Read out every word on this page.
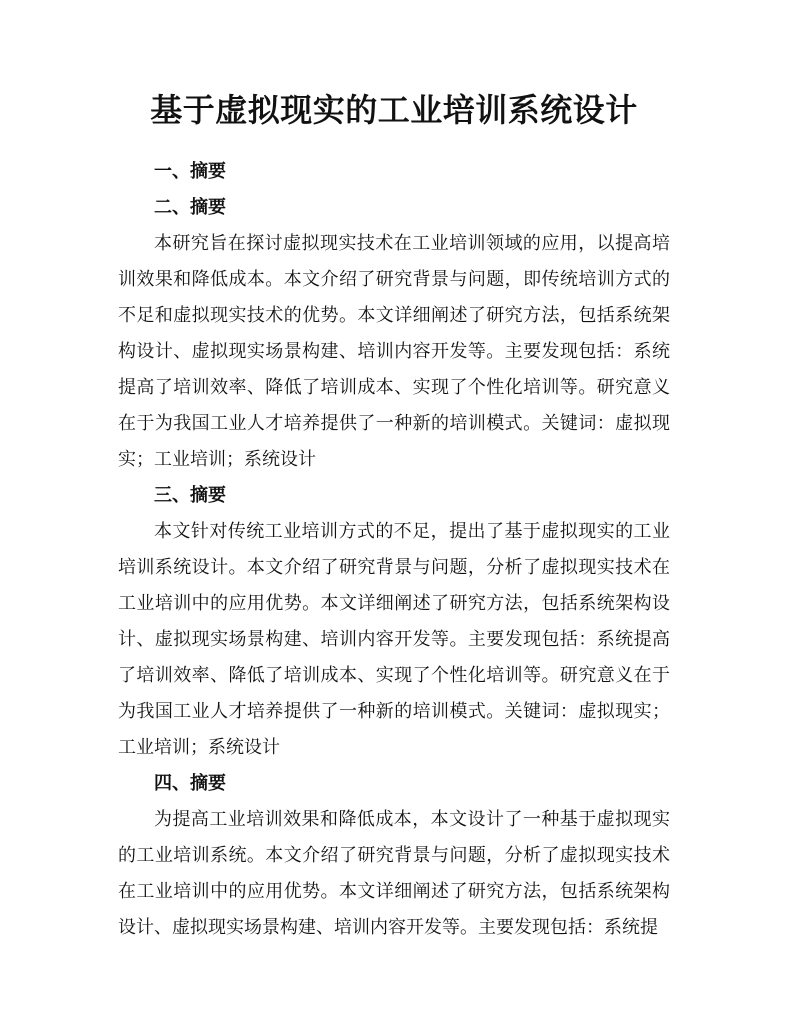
基于虚拟现实的工业培训系统设计
一、摘要
二、摘要

本研究旨在探讨虚拟现实技术在工业培训领域的应用，以提高培训效果和降低成本。本文介绍了研究背景与问题，即传统培训方式的不足和虚拟现实技术的优势。本文详细阐述了研究方法，包括系统架构设计、虚拟现实场景构建、培训内容开发等。主要发现包括：系统提高了培训效率、降低了培训成本、实现了个性化培训等。研究意义在于为我国工业人才培养提供了一种新的培训模式。关键词：虚拟现实；工业培训；系统设计

三、摘要

本文针对传统工业培训方式的不足，提出了基于虚拟现实的工业培训系统设计。本文介绍了研究背景与问题，分析了虚拟现实技术在工业培训中的应用优势。本文详细阐述了研究方法，包括系统架构设计、虚拟现实场景构建、培训内容开发等。主要发现包括：系统提高了培训效率、降低了培训成本、实现了个性化培训等。研究意义在于为我国工业人才培养提供了一种新的培训模式。关键词：虚拟现实；工业培训；系统设计

四、摘要

为提高工业培训效果和降低成本，本文设计了一种基于虚拟现实的工业培训系统。本文介绍了研究背景与问题，分析了虚拟现实技术在工业培训中的应用优势。本文详细阐述了研究方法，包括系统架构设计、虚拟现实场景构建、培训内容开发等。主要发现包括：系统提
